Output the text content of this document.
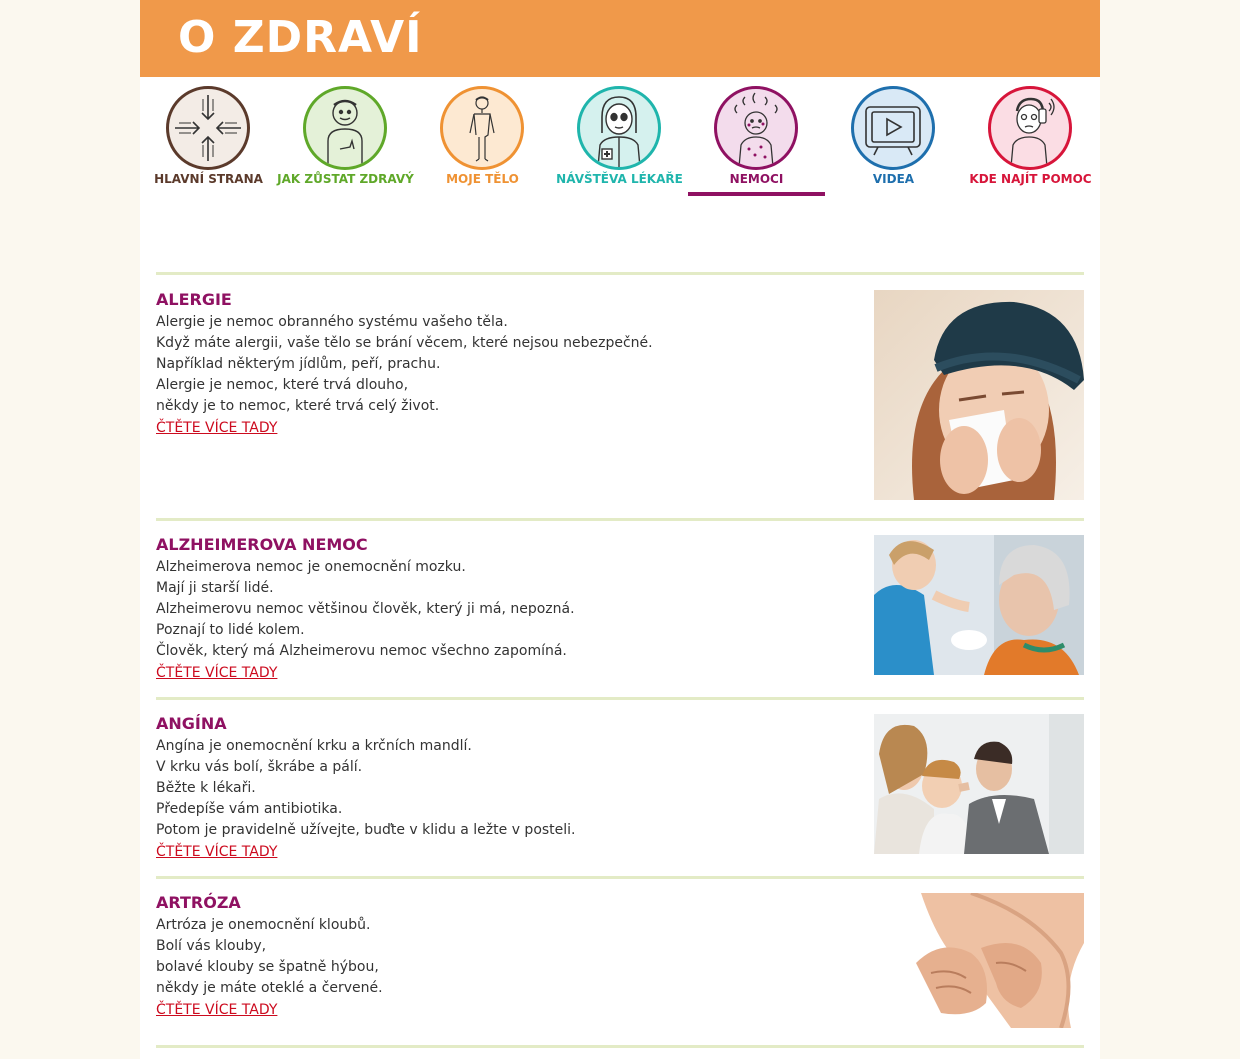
O ZDRAVÍ
HLAVNÍ STRANA	JAK ZŮSTAT ZDRAVÝ	MOJE TĚLO	NÁVŠTĚVA LÉKAŘE	NEMOCI	VIDEA	KDE NAJÍT POMOC
ALERGIE
Alergie je nemoc obranného systému vašeho těla.
Když máte alergii, vaše tělo se brání věcem, které nejsou nebezpečné.
Například některým jídlům, peří, prachu.
Alergie je nemoc, které trvá dlouho,
někdy je to nemoc, které trvá celý život.
ČTĚTE VÍCE TADY
ALZHEIMEROVA NEMOC
Alzheimerova nemoc je onemocnění mozku.
Mají ji starší lidé.
Alzheimerovu nemoc většinou člověk, který ji má, nepozná.
Poznají to lidé kolem.
Člověk, který má Alzheimerovu nemoc všechno zapomíná.
ČTĚTE VÍCE TADY
ANGÍNA
Angína je onemocnění krku a krčních mandlí.
V krku vás bolí, škrábe a pálí.
Běžte k lékaři.
Předepíše vám antibiotika.
Potom je pravidelně užívejte, buďte v klidu a ležte v posteli.
ČTĚTE VÍCE TADY
ARTRÓZA
Artróza je onemocnění kloubů.
Bolí vás klouby,
bolavé klouby se špatně hýbou,
někdy je máte oteklé a červené.
ČTĚTE VÍCE TADY
